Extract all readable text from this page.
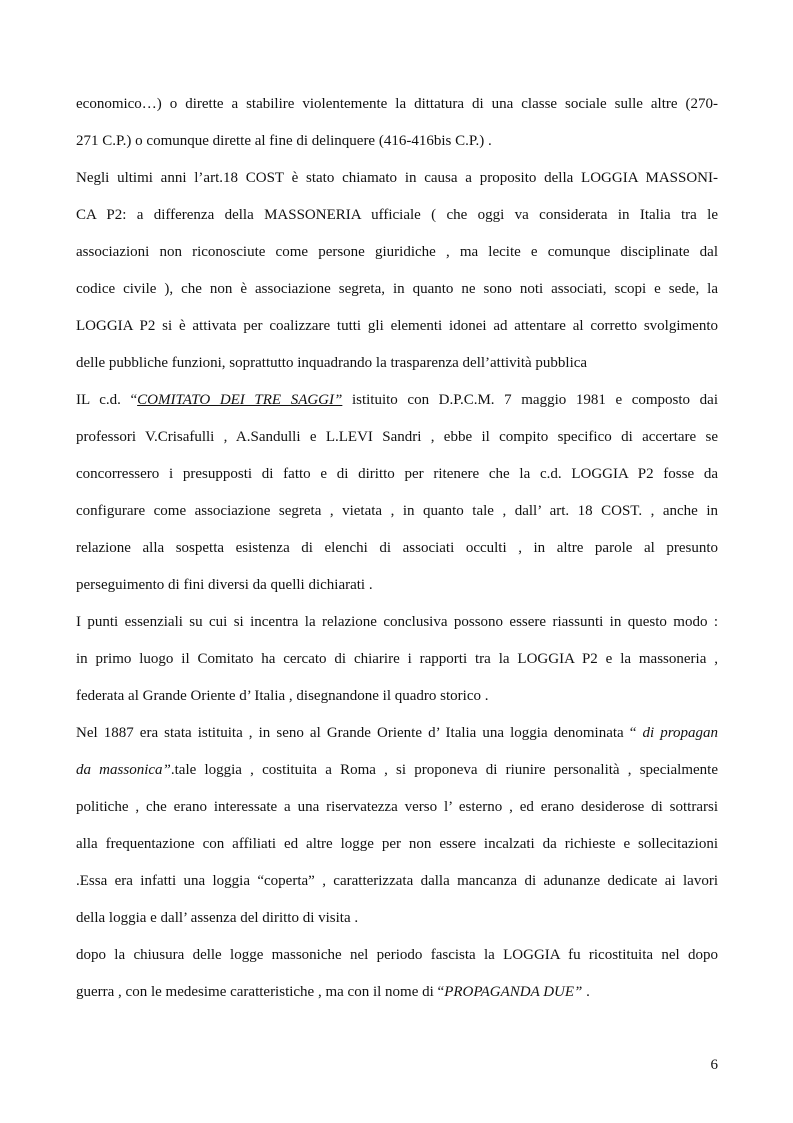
economico…) o dirette a stabilire violentemente la dittatura di una classe sociale sulle altre (270-
271 C.P.) o comunque dirette al fine di delinquere (416-416bis C.P.) .
Negli ultimi anni l’art.18 COST è stato chiamato in causa a proposito della LOGGIA MASSONI-
CA P2: a differenza della MASSONERIA ufficiale ( che oggi va considerata in Italia tra le
associazioni non riconosciute come persone giuridiche , ma lecite e comunque disciplinate dal
codice civile ), che non è associazione segreta, in quanto ne sono noti associati, scopi e sede, la
LOGGIA P2 si è attivata per coalizzare tutti gli elementi idonei ad attentare al corretto svolgimento
delle pubbliche funzioni, soprattutto inquadrando la trasparenza dell’attività pubblica
IL c.d. “COMITATO DEI TRE SAGGI” istituito con D.P.C.M. 7 maggio 1981 e composto dai
professori V.Crisafulli , A.Sandulli e L.LEVI Sandri , ebbe il compito specifico di accertare se
concorressero i presupposti di fatto e di diritto per ritenere che la c.d. LOGGIA P2 fosse da
configurare come associazione segreta , vietata , in quanto tale , dall’ art. 18 COST. , anche in
relazione alla sospetta esistenza di elenchi di associati occulti , in altre parole al presunto
perseguimento di fini diversi da quelli dichiarati .
I punti essenziali su cui si incentra la relazione conclusiva possono essere riassunti in questo modo :
in primo luogo il Comitato ha cercato di chiarire i rapporti tra la LOGGIA P2 e la massoneria ,
federata al Grande Oriente d’ Italia , disegnandone il quadro storico .
Nel 1887 era stata istituita , in seno al Grande Oriente d’ Italia una loggia denominata “ di propagan
da massonica”.tale loggia , costituita a Roma , si proponeva di riunire personalità , specialmente
politiche , che erano interessate a una riservatezza verso l’ esterno , ed erano desiderose di sottrarsi
alla frequentazione con affiliati ed altre logge per non essere incalzati da richieste e sollecitazioni
.Essa era infatti una loggia “coperta” , caratterizzata dalla mancanza di adunanze dedicate ai lavori
della loggia e dall’ assenza del diritto di visita .
dopo la chiusura delle logge massoniche nel periodo fascista la LOGGIA fu ricostituita nel dopo
guerra , con le medesime caratteristiche , ma con il nome di “PROPAGANDA DUE” .
6
